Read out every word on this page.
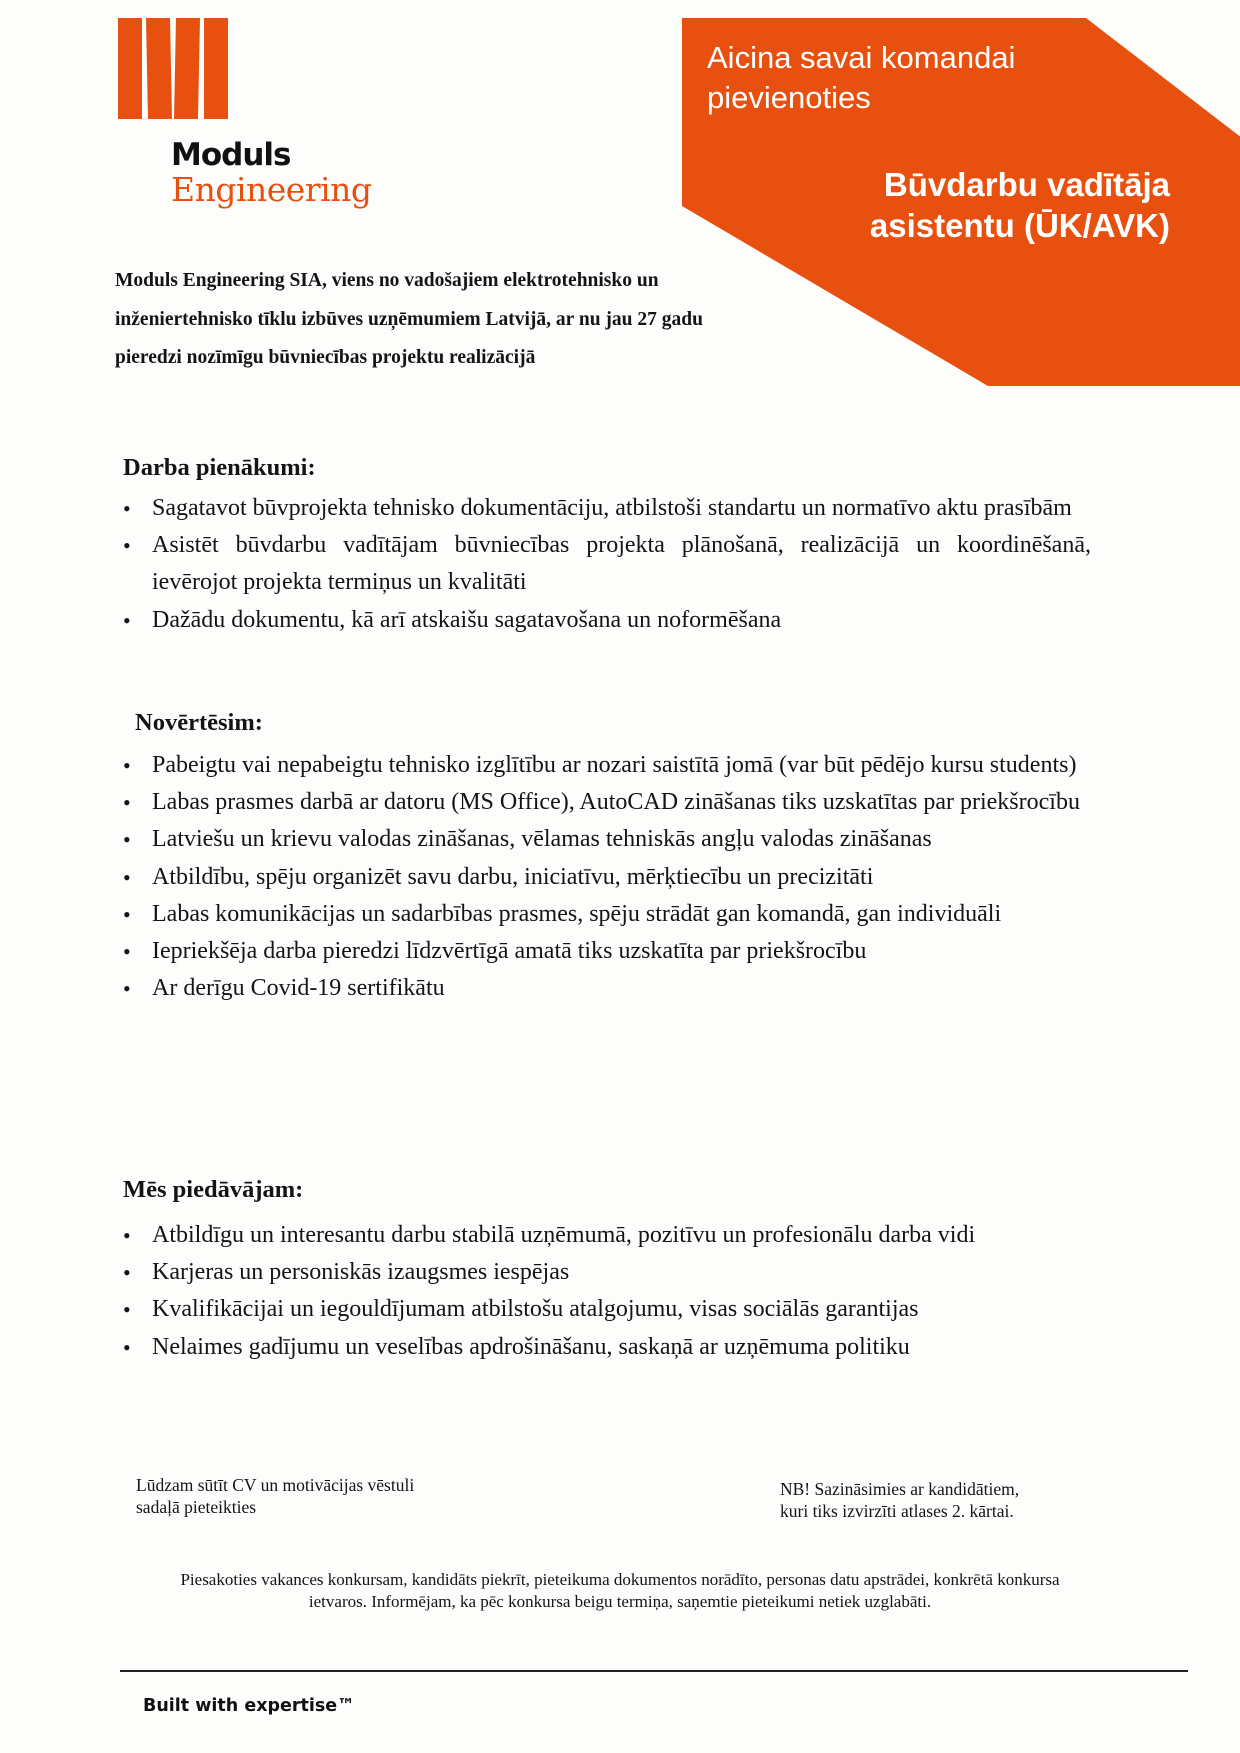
Moduls
Engineering
Aicina savai komandai pievienoties
Būvdarbu vadītāja asistentu (ŪK/AVK)
Moduls Engineering SIA, viens no vadošajiem elektrotehnisko un inženiertehnisko tīklu izbūves uzņēmumiem Latvijā, ar nu jau 27 gadu pieredzi nozīmīgu būvniecības projektu realizācijā
Darba pienākumi:
• Sagatavot būvprojekta tehnisko dokumentāciju, atbilstoši standartu un normatīvo aktu prasībām
• Asistēt būvdarbu vadītājam būvniecības projekta plānošanā, realizācijā un koordinēšanā, ievērojot projekta termiņus un kvalitāti
• Dažādu dokumentu, kā arī atskaišu sagatavošana un noformēšana
Novērtēsim:
• Pabeigtu vai nepabeigtu tehnisko izglītību ar nozari saistītā jomā (var būt pēdējo kursu students)
• Labas prasmes darbā ar datoru (MS Office), AutoCAD zināšanas tiks uzskatītas par priekšrocību
• Latviešu un krievu valodas zināšanas, vēlamas tehniskās angļu valodas zināšanas
• Atbildību, spēju organizēt savu darbu, iniciatīvu, mērķtiecību un precizitāti
• Labas komunikācijas un sadarbības prasmes, spēju strādāt gan komandā, gan individuāli
• Iepriekšēja darba pieredzi līdzvērtīgā amatā tiks uzskatīta par priekšrocību
• Ar derīgu Covid-19 sertifikātu
Mēs piedāvājam:
• Atbildīgu un interesantu darbu stabilā uzņēmumā, pozitīvu un profesionālu darba vidi
• Karjeras un personiskās izaugsmes iespējas
• Kvalifikācijai un iegouldījumam atbilstošu atalgojumu, visas sociālās garantijas
• Nelaimes gadījumu un veselības apdrošināšanu, saskaņā ar uzņēmuma politiku
Lūdzam sūtīt CV un motivācijas vēstuli
sadaļā pieteikties
NB! Sazināsimies ar kandidātiem,
kuri tiks izvirzīti atlases 2. kārtai.
Piesakoties vakances konkursam, kandidāts piekrīt, pieteikuma dokumentos norādīto, personas datu apstrādei, konkrētā konkursa ietvaros. Informējam, ka pēc konkursa beigu termiņa, saņemtie pieteikumi netiek uzglabāti.
Built with expertise™
